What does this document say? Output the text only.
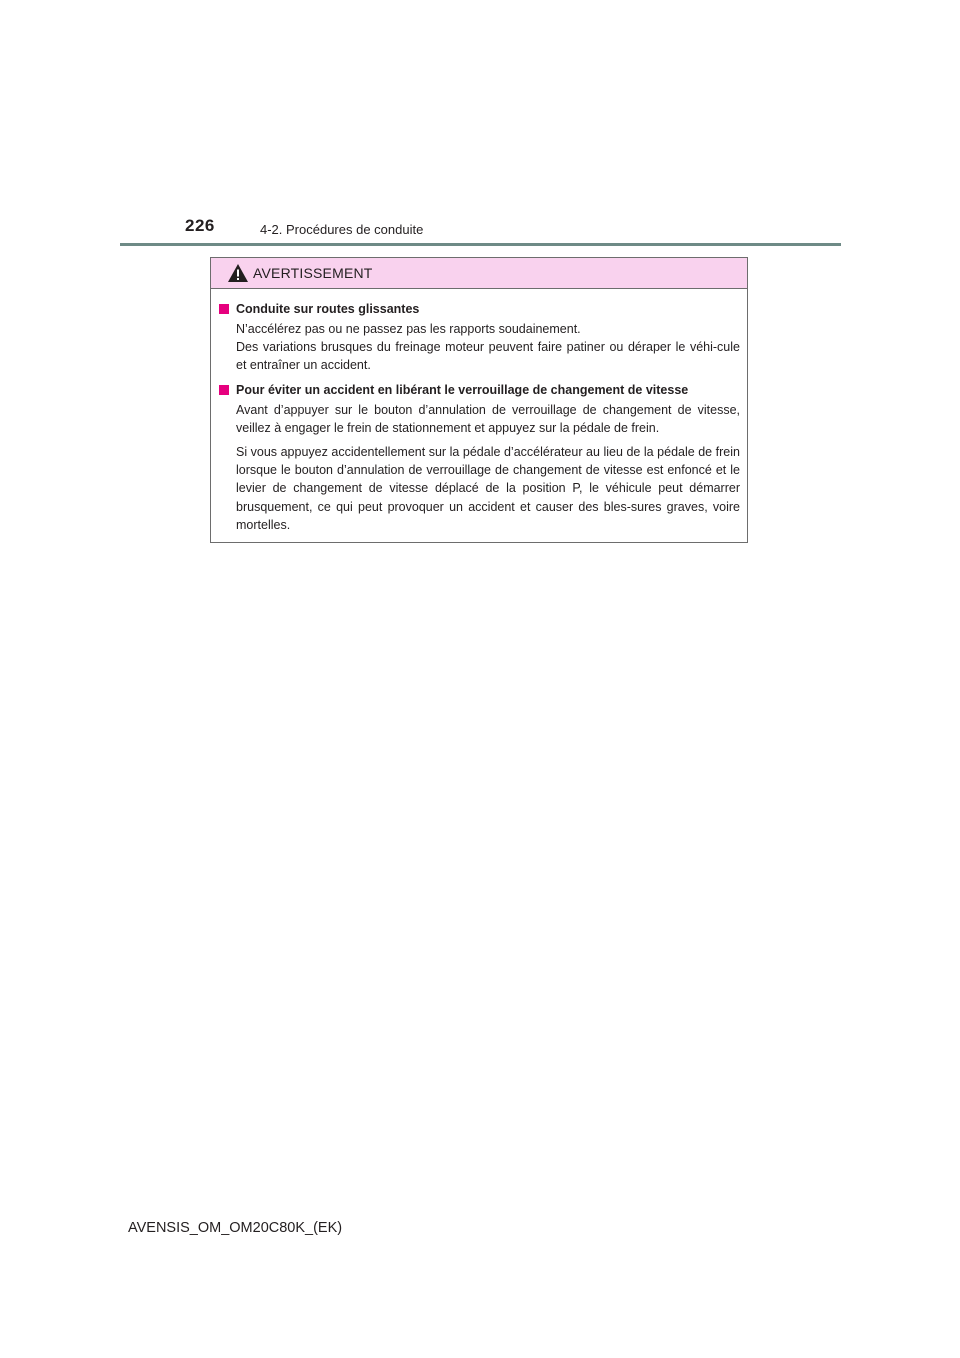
226	4-2. Procédures de conduite
AVERTISSEMENT
Conduite sur routes glissantes

N’accélérez pas ou ne passez pas les rapports soudainement.
Des variations brusques du freinage moteur peuvent faire patiner ou déraper le véhi-cule et entraîner un accident.

Pour éviter un accident en libérant le verrouillage de changement de vitesse

Avant d’appuyer sur le bouton d’annulation de verrouillage de changement de vitesse, veillez à engager le frein de stationnement et appuyez sur la pédale de frein.

Si vous appuyez accidentellement sur la pédale d’accélérateur au lieu de la pédale de frein lorsque le bouton d’annulation de verrouillage de changement de vitesse est enfoncé et le levier de changement de vitesse déplacé de la position P, le véhicule peut démarrer brusquement, ce qui peut provoquer un accident et causer des bles-sures graves, voire mortelles.

AVENSIS_OM_OM20C80K_(EK)
